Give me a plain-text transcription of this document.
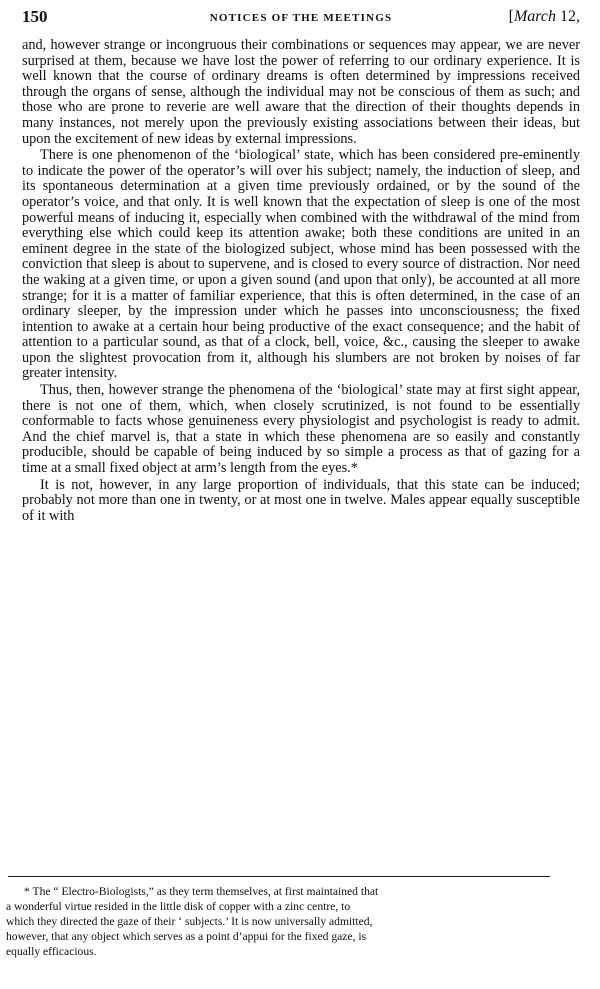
150	NOTICES OF THE MEETINGS	[March 12,

and, however strange or incongruous their combinations or sequences may appear, we are never surprised at them, because we have lost the power of referring to our ordinary experience. It is well known that the course of ordinary dreams is often determined by impressions received through the organs of sense, although the individual may not be conscious of them as such; and those who are prone to reverie are well aware that the direction of their thoughts depends in many instances, not merely upon the previously existing associations between their ideas, but upon the excitement of new ideas by external impressions.

There is one phenomenon of the ‘biological’ state, which has been considered pre-eminently to indicate the power of the operator’s will over his subject; namely, the induction of sleep, and its spontaneous determination at a given time previously ordained, or by the sound of the operator’s voice, and that only. It is well known that the expectation of sleep is one of the most powerful means of inducing it, especially when combined with the withdrawal of the mind from everything else which could keep its attention awake; both these conditions are united in an eminent degree in the state of the biologized subject, whose mind has been possessed with the conviction that sleep is about to supervene, and is closed to every source of distraction. Nor need the waking at a given time, or upon a given sound (and upon that only), be accounted at all more strange; for it is a matter of familiar experience, that this is often determined, in the case of an ordinary sleeper, by the impression under which he passes into unconsciousness; the fixed intention to awake at a certain hour being productive of the exact consequence; and the habit of attention to a particular sound, as that of a clock, bell, voice, &c., causing the sleeper to awake upon the slightest provocation from it, although his slumbers are not broken by noises of far greater intensity.

Thus, then, however strange the phenomena of the ‘biological’ state may at first sight appear, there is not one of them, which, when closely scrutinized, is not found to be essentially conformable to facts whose genuineness every physiologist and psychologist is ready to admit. And the chief marvel is, that a state in which these phenomena are so easily and constantly producible, should be capable of being induced by so simple a process as that of gazing for a time at a small fixed object at arm’s length from the eyes.*

It is not, however, in any large proportion of individuals, that this state can be induced; probably not more than one in twenty, or at most one in twelve. Males appear equally susceptible of it with

* The “ Electro-Biologists,” as they term themselves, at first maintained that
a wonderful virtue resided in the little disk of copper with a zinc centre, to
which they directed the gaze of their ‘ subjects.’ It is now universally admitted,
however, that any object which serves as a point d’appui for the fixed gaze, is
equally efficacious.
